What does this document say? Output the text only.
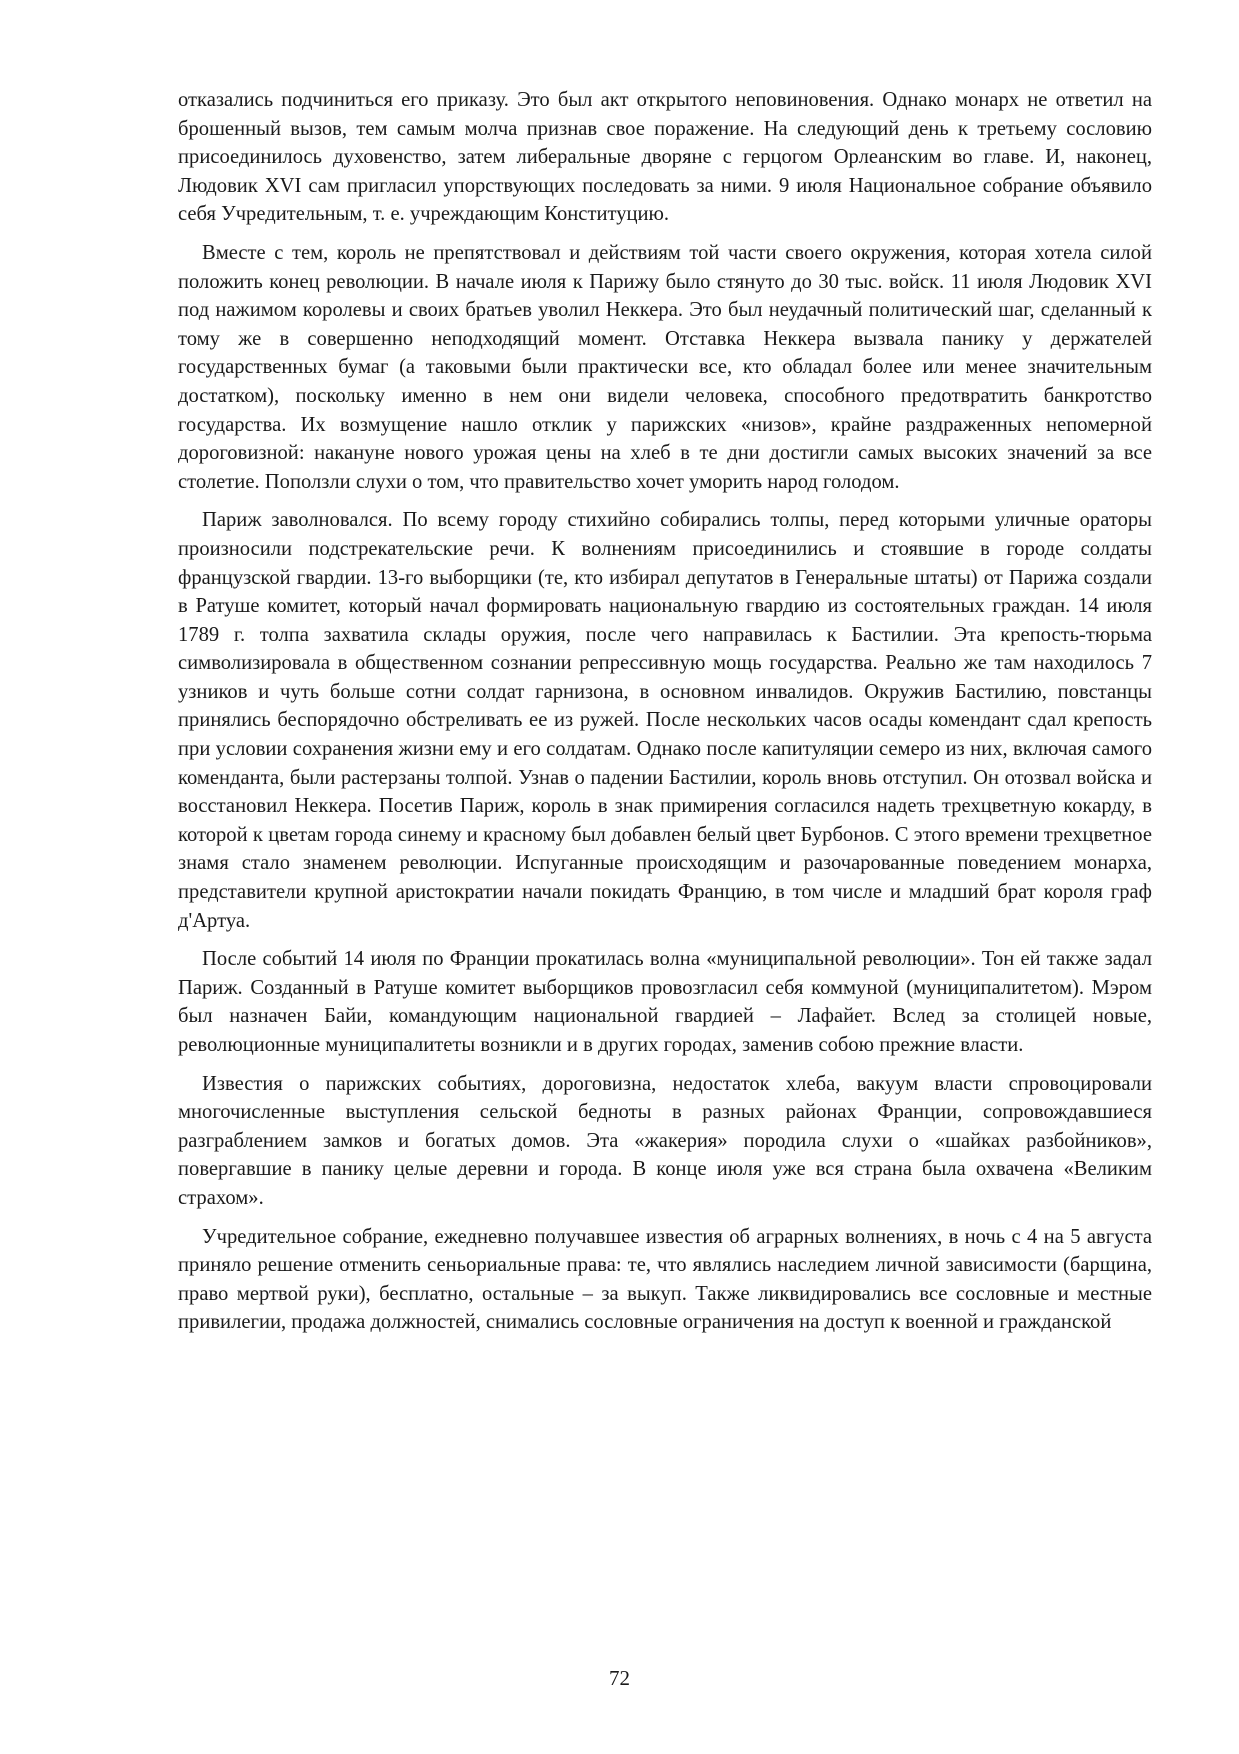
отказались подчиниться его приказу. Это был акт открытого неповиновения. Однако монарх не ответил на брошенный вызов, тем самым молча признав свое поражение. На следующий день к третьему сословию присоединилось духовенство, затем либеральные дворяне с герцогом Орлеанским во главе. И, наконец, Людовик XVI сам пригласил упорствующих последовать за ними. 9 июля Национальное собрание объявило себя Учредительным, т. е. учреждающим Конституцию.

Вместе с тем, король не препятствовал и действиям той части своего окружения, которая хотела силой положить конец революции. В начале июля к Парижу было стянуто до 30 тыс. войск. 11 июля Людовик XVI под нажимом королевы и своих братьев уволил Неккера. Это был неудачный политический шаг, сделанный к тому же в совершенно неподходящий момент. Отставка Неккера вызвала панику у держателей государственных бумаг (а таковыми были практически все, кто обладал более или менее значительным достатком), поскольку именно в нем они видели человека, способного предотвратить банкротство государства. Их возмущение нашло отклик у парижских «низов», крайне раздраженных непомерной дороговизной: накануне нового урожая цены на хлеб в те дни достигли самых высоких значений за все столетие. Поползли слухи о том, что правительство хочет уморить народ голодом.

Париж заволновался. По всему городу стихийно собирались толпы, перед которыми уличные ораторы произносили подстрекательские речи. К волнениям присоединились и стоявшие в городе солдаты французской гвардии. 13-го выборщики (те, кто избирал депутатов в Генеральные штаты) от Парижа создали в Ратуше комитет, который начал формировать национальную гвардию из состоятельных граждан. 14 июля 1789 г. толпа захватила склады оружия, после чего направилась к Бастилии. Эта крепость-тюрьма символизировала в общественном сознании репрессивную мощь государства. Реально же там находилось 7 узников и чуть больше сотни солдат гарнизона, в основном инвалидов. Окружив Бастилию, повстанцы принялись беспорядочно обстреливать ее из ружей. После нескольких часов осады комендант сдал крепость при условии сохранения жизни ему и его солдатам. Однако после капитуляции семеро из них, включая самого коменданта, были растерзаны толпой. Узнав о падении Бастилии, король вновь отступил. Он отозвал войска и восстановил Неккера. Посетив Париж, король в знак примирения согласился надеть трехцветную кокарду, в которой к цветам города синему и красному был добавлен белый цвет Бурбонов. С этого времени трехцветное знамя стало знаменем революции. Испуганные происходящим и разочарованные поведением монарха, представители крупной аристократии начали покидать Францию, в том числе и младший брат короля граф д'Артуа.

После событий 14 июля по Франции прокатилась волна «муниципальной революции». Тон ей также задал Париж. Созданный в Ратуше комитет выборщиков провозгласил себя коммуной (муниципалитетом). Мэром был назначен Байи, командующим национальной гвардией – Лафайет. Вслед за столицей новые, революционные муниципалитеты возникли и в других городах, заменив собою прежние власти.

Известия о парижских событиях, дороговизна, недостаток хлеба, вакуум власти спровоцировали многочисленные выступления сельской бедноты в разных районах Франции, сопровождавшиеся разграблением замков и богатых домов. Эта «жакерия» породила слухи о «шайках разбойников», повергавшие в панику целые деревни и города. В конце июля уже вся страна была охвачена «Великим страхом».

Учредительное собрание, ежедневно получавшее известия об аграрных волнениях, в ночь с 4 на 5 августа приняло решение отменить сеньориальные права: те, что являлись наследием личной зависимости (барщина, право мертвой руки), бесплатно, остальные – за выкуп. Также ликвидировались все сословные и местные привилегии, продажа должностей, снимались сословные ограничения на доступ к военной и гражданской

72
